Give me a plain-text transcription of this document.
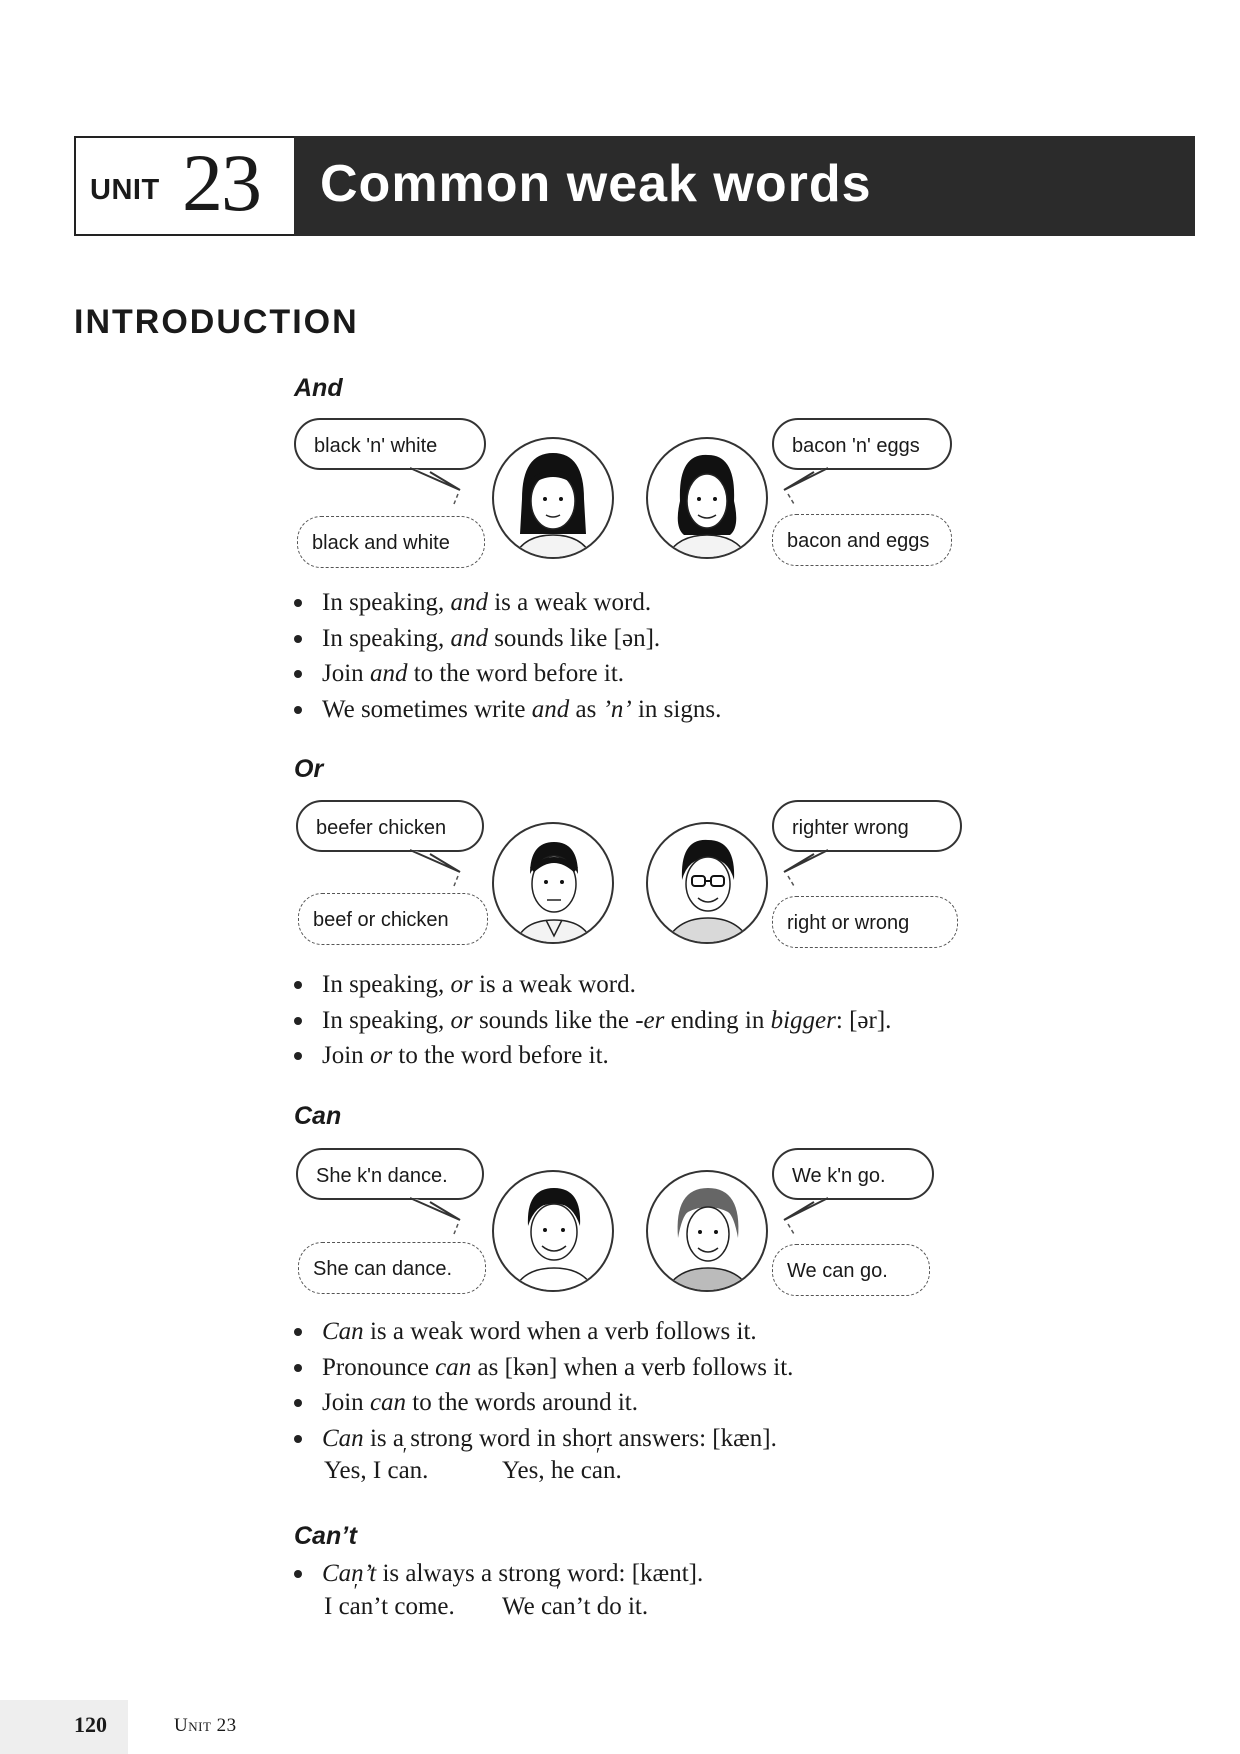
UNIT 23 Common weak words
INTRODUCTION
And
black 'n' white
black and white
bacon 'n' eggs
bacon and eggs
In speaking, and is a weak word.
In speaking, and sounds like [ən].
Join and to the word before it.
We sometimes write and as ’n’ in signs.
Or
beefer chicken
beef or chicken
righter wrong
right or wrong
In speaking, or is a weak word.
In speaking, or sounds like the -er ending in bigger: [ər].
Join or to the word before it.
Can
She k'n dance.
She can dance.
We k'n go.
We can go.
Can is a weak word when a verb follows it.
Pronounce can as [kən] when a verb follows it.
Join can to the words around it.
Can is a strong word in short answers: [kæn].
Yes, I c′ an.	Yes, he c′ an.
Can’t
Can’t is always a strong word: [kænt].
I c′ an’t come. We c′ an’t do it.
120	Unit 23
